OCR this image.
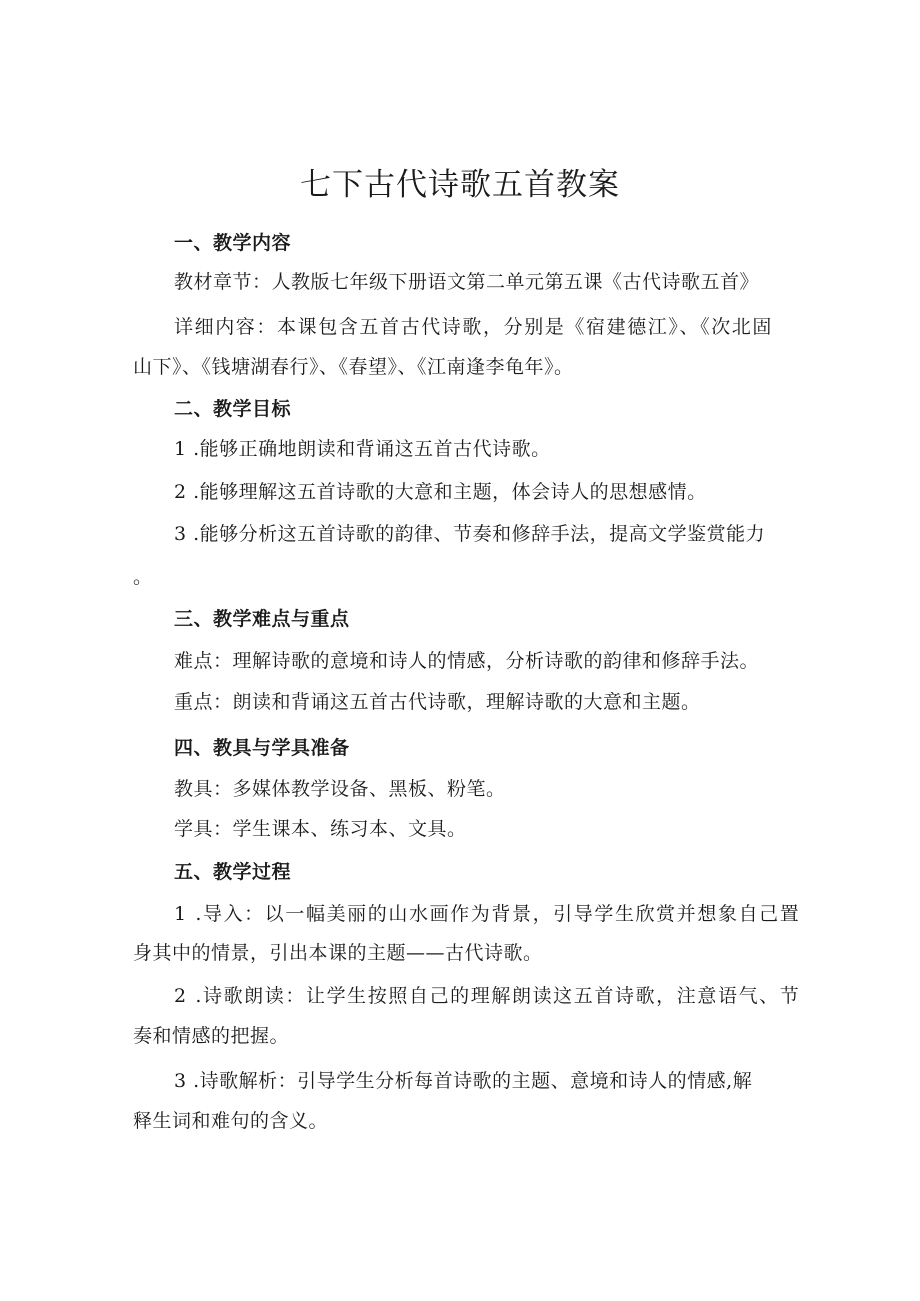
七下古代诗歌五首教案
一、教学内容
教材章节：人教版七年级下册语文第二单元第五课《古代诗歌五首》
详细内容：本课包含五首古代诗歌，分别是《宿建德江》、《次北固
山下》、《钱塘湖春行》、《春望》、《江南逢李龟年》。
二、教学目标
1 .能够正确地朗读和背诵这五首古代诗歌。
2 .能够理解这五首诗歌的大意和主题，体会诗人的思想感情。
3 .能够分析这五首诗歌的韵律、节奏和修辞手法，提高文学鉴赏能力
。
三、教学难点与重点
难点：理解诗歌的意境和诗人的情感，分析诗歌的韵律和修辞手法。
重点：朗读和背诵这五首古代诗歌，理解诗歌的大意和主题。
四、教具与学具准备
教具：多媒体教学设备、黑板、粉笔。
学具：学生课本、练习本、文具。
五、教学过程
1 .导入：以一幅美丽的山水画作为背景，引导学生欣赏并想象自己置
身其中的情景，引出本课的主题——古代诗歌。
2 .诗歌朗读：让学生按照自己的理解朗读这五首诗歌，注意语气、节
奏和情感的把握。
3 .诗歌解析：引导学生分析每首诗歌的主题、意境和诗人的情感,解
释生词和难句的含义。
